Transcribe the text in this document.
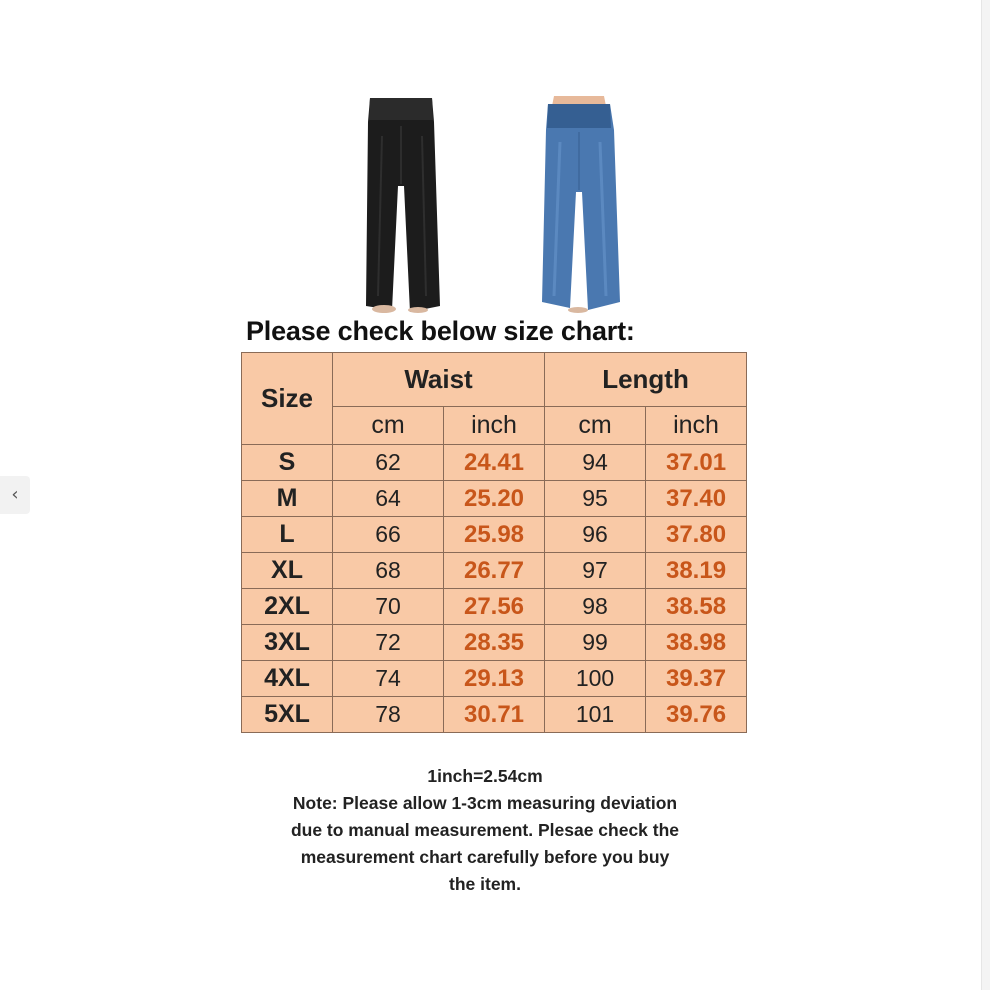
‹
Please check below size chart:
Size	Waist		Length	
	cm	inch	cm	inch
S	62	24.41	94	37.01
M	64	25.20	95	37.40
L	66	25.98	96	37.80
XL	68	26.77	97	38.19
2XL	70	27.56	98	38.58
3XL	72	28.35	99	38.98
4XL	74	29.13	100	39.37
5XL	78	30.71	101	39.76
1inch=2.54cm
Note: Please allow 1-3cm measuring deviation
due to manual measurement. Plesae check the
measurement chart carefully before you buy
the item.
